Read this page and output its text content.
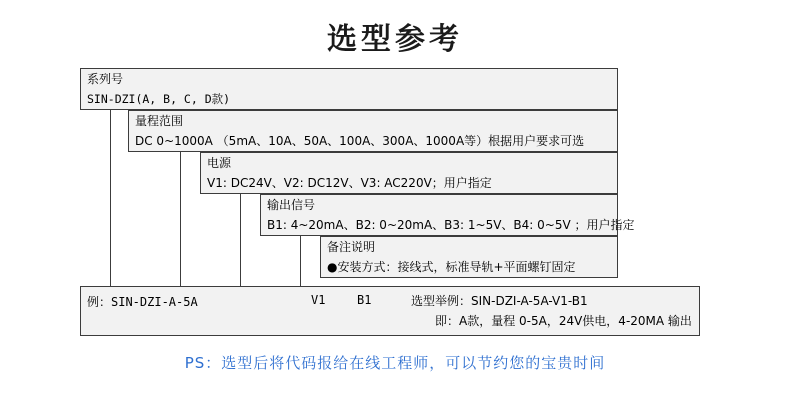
选型参考
系列号
SIN-DZI(A, B, C, D款)
量程范围
DC 0~1000A （5mA、10A、50A、100A、300A、1000A等）根据用户要求可选
电源
V1: DC24V、V2: DC12V、V3: AC220V；用户指定
输出信号
B1: 4~20mA、B2: 0~20mA、B3: 1~5V、B4: 0~5V ；用户指定
备注说明
●安装方式：接线式，标准导轨+平面螺钉固定
例：SIN-DZI-A-5A	V1	B1	选型举例：SIN-DZI-A-5A-V1-B1
即：A款，量程 0-5A，24V供电，4-20MA 输出
PS：选型后将代码报给在线工程师，可以节约您的宝贵时间
